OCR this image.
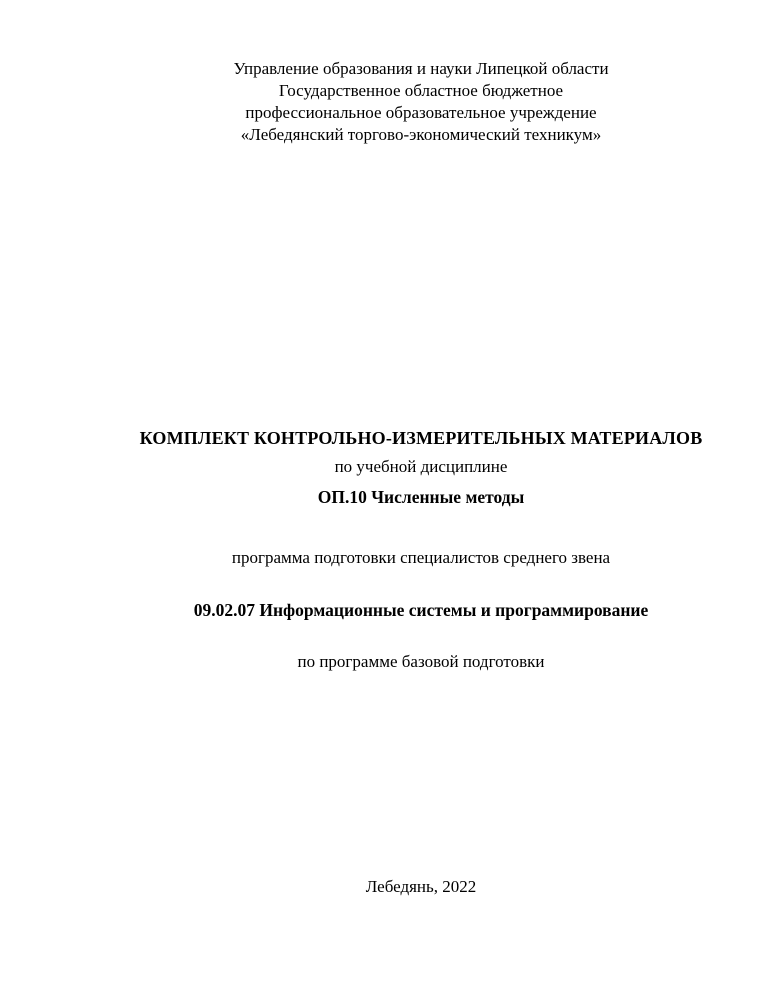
Управление образования и науки Липецкой области
Государственное областное бюджетное
профессиональное образовательное учреждение
«Лебедянский торгово-экономический техникум»
КОМПЛЕКТ КОНТРОЛЬНО-ИЗМЕРИТЕЛЬНЫХ МАТЕРИАЛОВ
по учебной дисциплине
ОП.10 Численные методы
программа подготовки специалистов среднего звена
09.02.07 Информационные системы и программирование
по программе базовой подготовки
Лебедянь, 2022
